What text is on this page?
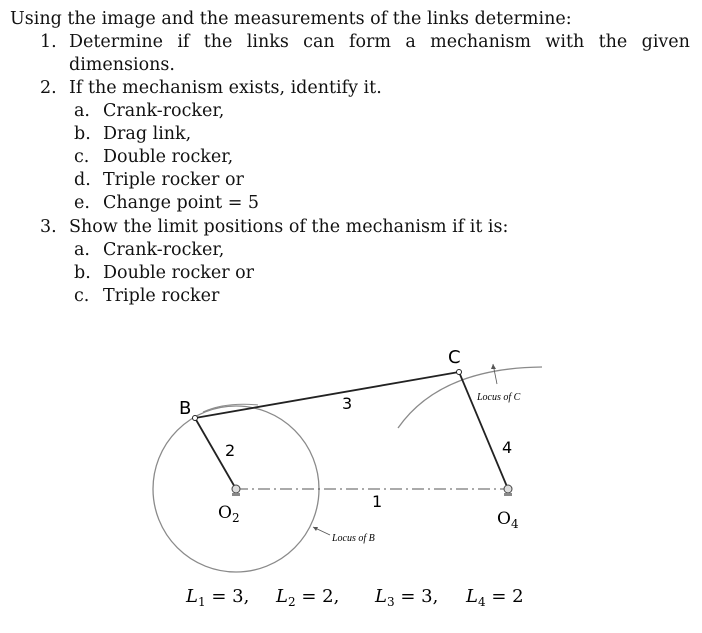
Using the image and the measurements of the links determine:
1. Determine if the links can form a mechanism with the given
dimensions.
2. If the mechanism exists, identify it.
a. Crank-rocker,
b. Drag link,
c. Double rocker,
d. Triple rocker or
e. Change point = 5
3. Show the limit positions of the mechanism if it is:
a. Crank-rocker,
b. Double rocker or
c. Triple rocker
B
C
2
3
4
1
$O_2$	$O_4$
Locus of B
Locus of C
$L_1 = 3$, $L_2 = 2$, $L_3 = 3$, $L_4 = 2$
